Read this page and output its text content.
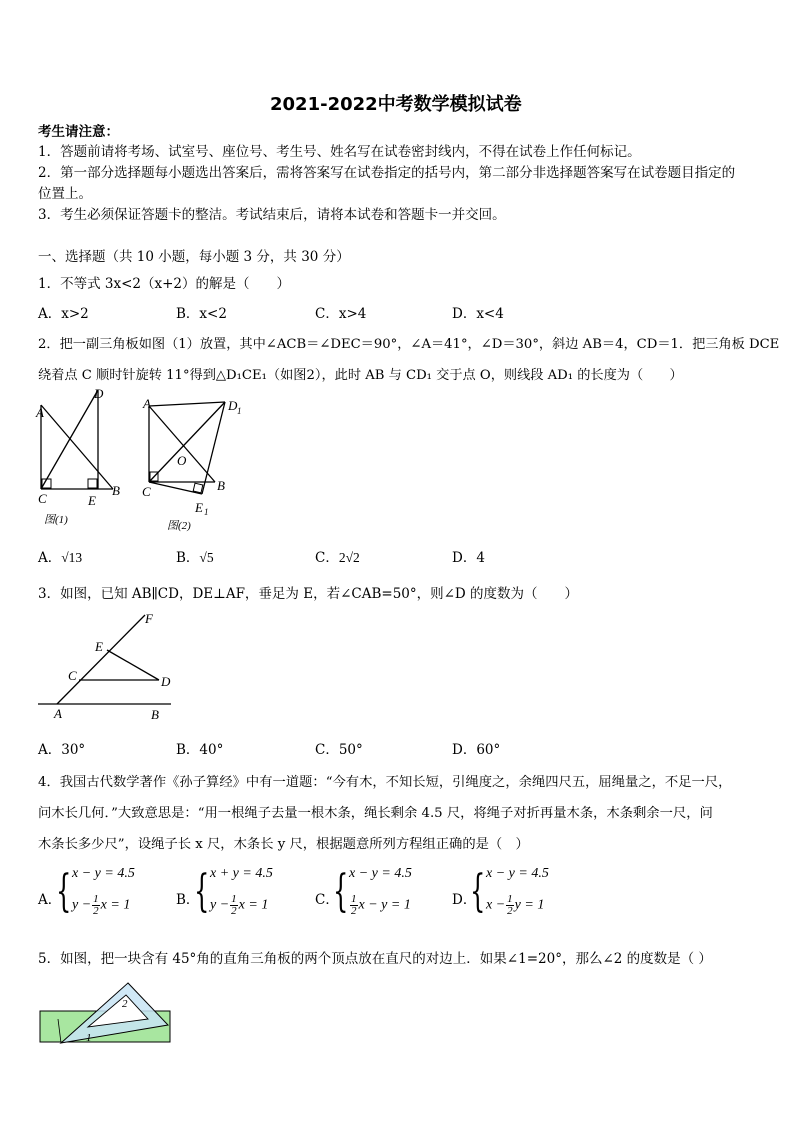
2021-2022中考数学模拟试卷
考生请注意：
1．答题前请将考场、试室号、座位号、考生号、姓名写在试卷密封线内，不得在试卷上作任何标记。
2．第一部分选择题每小题选出答案后，需将答案写在试卷指定的括号内，第二部分非选择题答案写在试卷题目指定的
位置上。
3．考生必须保证答题卡的整洁。考试结束后，请将本试卷和答题卡一并交回。
一、选择题（共 10 小题，每小题 3 分，共 30 分）
1．不等式 3x<2（x+2）的解是（　　）
A．x>2	B．x<2	C．x>4	D．x<4
2．把一副三角板如图（1）放置，其中∠ACB＝∠DEC＝90°，∠A＝41°，∠D＝30°，斜边 AB＝4，CD＝1．把三角板 DCE
绕着点 C 顺时针旋转 11°得到△D₁CE₁（如图2），此时 AB 与 CD₁ 交于点 O，则线段 AD₁ 的长度为（　　）
A
D
C	E
B
图(1)
A	D 1
O
C	B
E 1
图(2)
A．√13	B．√5	C．2√2	D．4
3．如图，已知 AB∥CD，DE⊥AF，垂足为 E，若∠CAB=50°，则∠D 的度数为（　　）
F
E
C	D
A	B
A．30°	B．40°	C．50°	D．60°
4．我国古代数学著作《孙子算经》中有一道题：“今有木，不知长短，引绳度之，余绳四尺五，屈绳量之，不足一尺，
问木长几何．”大致意思是：“用一根绳子去量一根木条，绳长剩余 4.5 尺，将绳子对折再量木条，木条剩余一尺，问
木条长多少尺”，设绳子长 x 尺，木条长 y 尺，根据题意所列方程组正确的是（　）
A．
{ x − y = 4.5
$y - \frac{1}{2}$ x = 1	B．
{ x + y = 4.5
$y - \frac{1}{2}$ x = 1	C．
{ x − y = 4.5
$\frac{1}{2}$ x − y = 1	D．
{ x − y = 4.5
$x - \frac{1}{2}$ y = 1
5．如图，把一块含有 45°角的直角三角板的两个顶点放在直尺的对边上．如果∠1=20°，那么∠2 的度数是（ ）
1
2
